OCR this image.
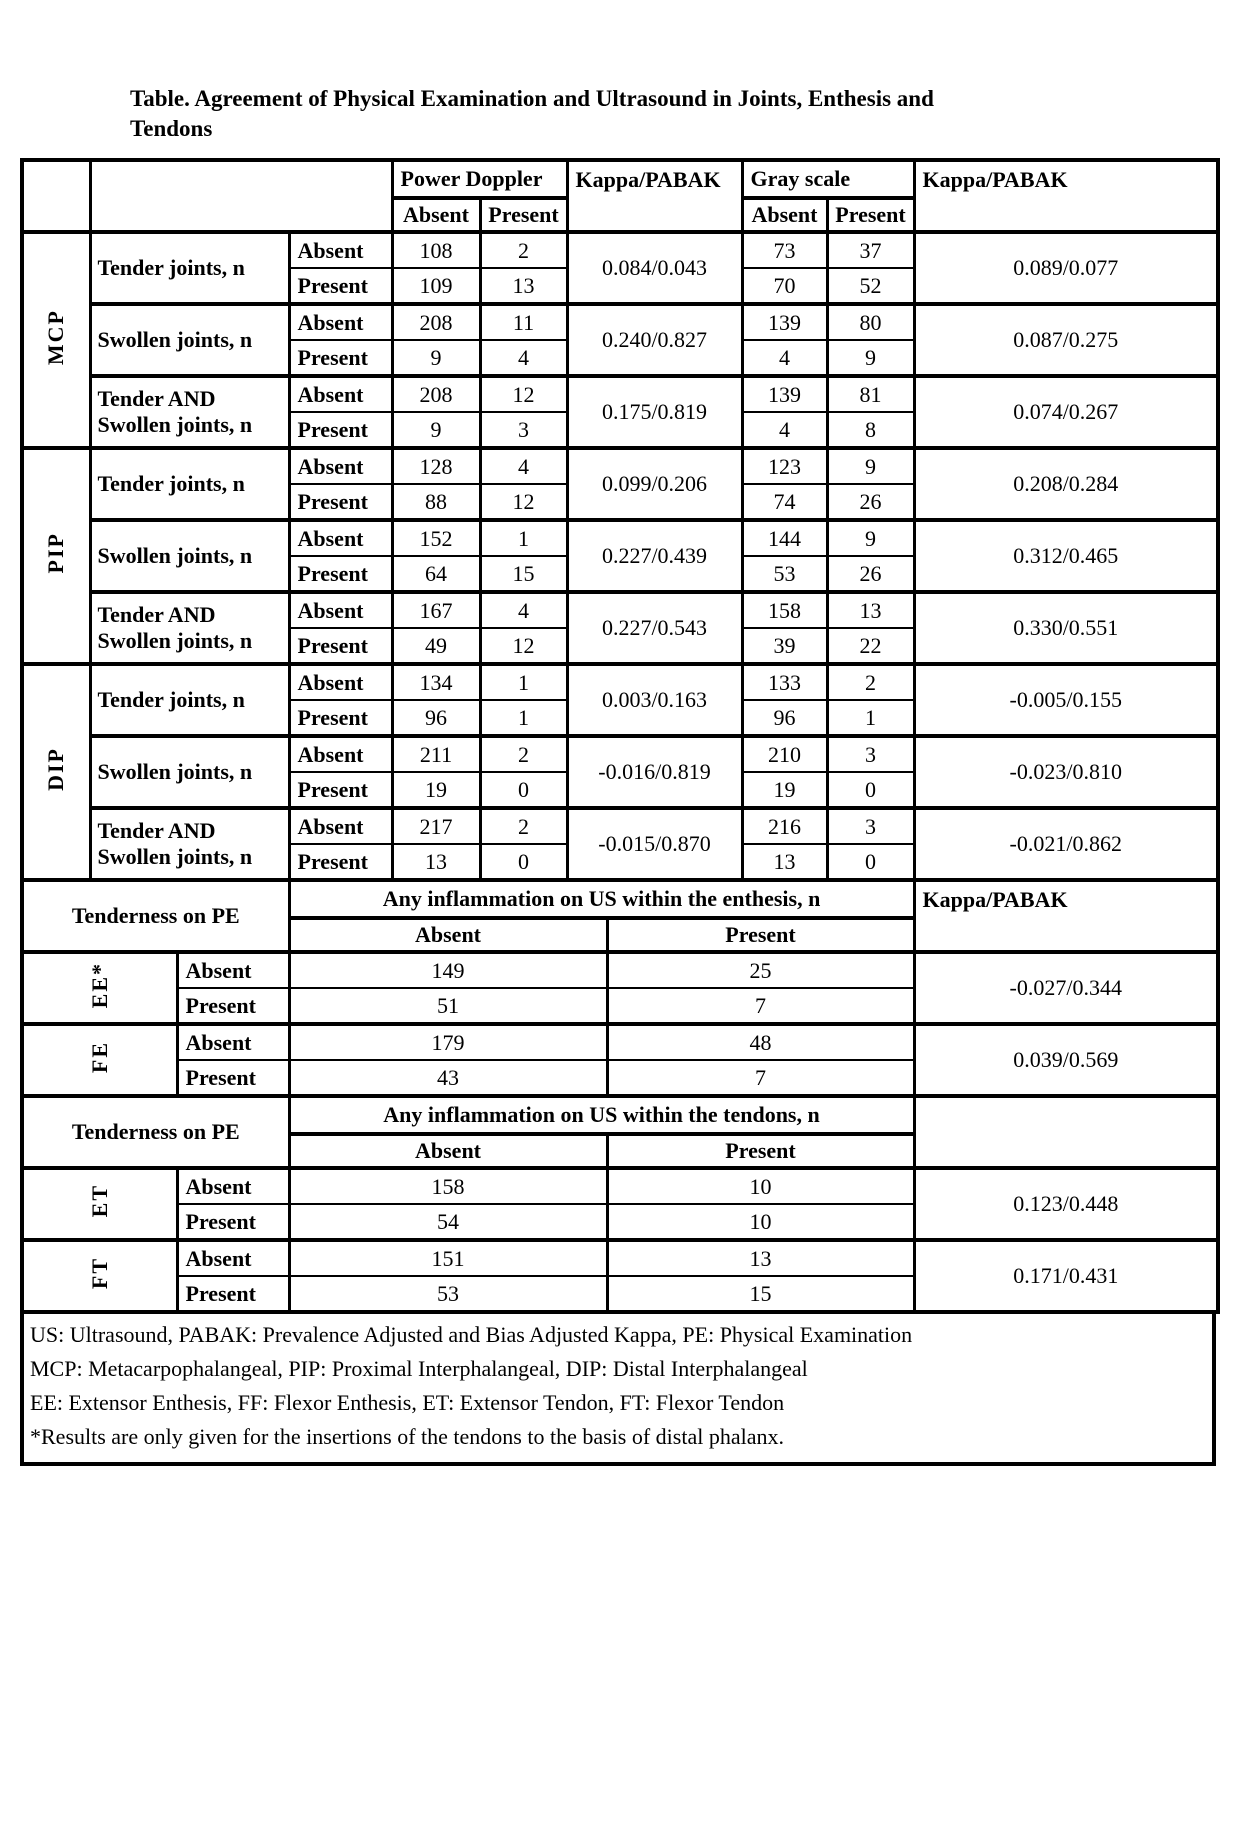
Table. Agreement of Physical Examination and Ultrasound in Joints, Enthesis and Tendons
			Power Doppler		Kappa/PABAK	Gray scale		Kappa/PABAK
			Absent	Present		Absent	Present	
MCP	Tender joints, n	Absent	108	2	0.084/0.043	73	37	0.089/0.077
		Present	109	13		70	52	
	Swollen joints, n	Absent	208	11	0.240/0.827	139	80	0.087/0.275
		Present	9	4		4	9	
	Tender AND Swollen joints, n	Absent	208	12	0.175/0.819	139	81	0.074/0.267
		Present	9	3		4	8	
PIP	Tender joints, n	Absent	128	4	0.099/0.206	123	9	0.208/0.284
		Present	88	12		74	26	
	Swollen joints, n	Absent	152	1	0.227/0.439	144	9	0.312/0.465
		Present	64	15		53	26	
	Tender AND Swollen joints, n	Absent	167	4	0.227/0.543	158	13	0.330/0.551
		Present	49	12		39	22	
DIP	Tender joints, n	Absent	134	1	0.003/0.163	133	2	-0.005/0.155
		Present	96	1		96	1	
	Swollen joints, n	Absent	211	2	-0.016/0.819	210	3	-0.023/0.810
		Present	19	0		19	0	
	Tender AND Swollen joints, n	Absent	217	2	-0.015/0.870	216	3	-0.021/0.862
		Present	13	0		13	0	
Tenderness on PE		Any inflammation on US within the enthesis, n		Kappa/PABAK
		Absent	Present	
EE*	Absent	149	25	-0.027/0.344
	Present	51	7	
FE	Absent	179	48	0.039/0.569
	Present	43	7	
Tenderness on PE		Any inflammation on US within the tendons, n		
		Absent	Present	
ET	Absent	158	10	0.123/0.448
	Present	54	10	
FT	Absent	151	13	0.171/0.431
	Present	53	15	
US: Ultrasound, PABAK: Prevalence Adjusted and Bias Adjusted Kappa, PE: Physical Examination
MCP: Metacarpophalangeal, PIP: Proximal Interphalangeal, DIP: Distal Interphalangeal
EE: Extensor Enthesis, FF: Flexor Enthesis, ET: Extensor Tendon, FT: Flexor Tendon
*Results are only given for the insertions of the tendons to the basis of distal phalanx.
